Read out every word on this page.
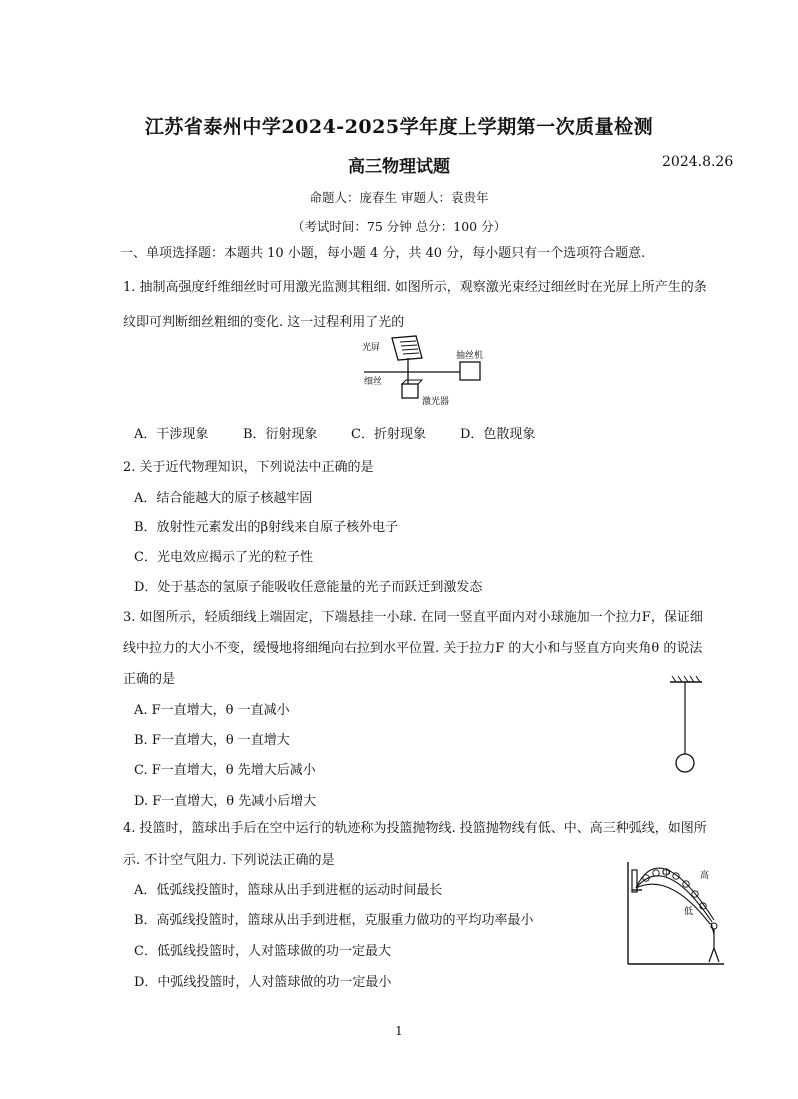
江苏省泰州中学2024-2025学年度上学期第一次质量检测
高三物理试题	2024.8.26
命题人：庞春生 审题人：袁贵年
（考试时间：75 分钟 总分：100 分）
一、单项选择题：本题共 10 小题，每小题 4 分，共 40 分，每小题只有一个选项符合题意.
1. 抽制高强度纤维细丝时可用激光监测其粗细. 如图所示，观察激光束经过细丝时在光屏上所产生的条
纹即可判断细丝粗细的变化. 这一过程利用了光的
光屏
抽丝机
细丝
激光器
A．干涉现象	B．衍射现象	C．折射现象	D．色散现象
2. 关于近代物理知识，下列说法中正确的是
A．结合能越大的原子核越牢固
B．放射性元素发出的β射线来自原子核外电子
C．光电效应揭示了光的粒子性
D．处于基态的氢原子能吸收任意能量的光子而跃迁到激发态
3. 如图所示，轻质细线上端固定，下端悬挂一小球. 在同一竖直平面内对小球施加一个拉力F，保证细
线中拉力的大小不变，缓慢地将细绳向右拉到水平位置. 关于拉力F 的大小和与竖直方向夹角θ 的说法
正确的是
A. F一直增大，θ 一直减小
B. F一直增大，θ 一直增大
C. F一直增大，θ 先增大后减小
D. F一直增大，θ 先减小后增大
4. 投篮时，篮球出手后在空中运行的轨迹称为投篮抛物线. 投篮抛物线有低、中、高三种弧线，如图所
示. 不计空气阻力. 下列说法正确的是
高
中
低
A．低弧线投篮时，篮球从出手到进框的运动时间最长
B．高弧线投篮时，篮球从出手到进框，克服重力做功的平均功率最小
C．低弧线投篮时，人对篮球做的功一定最大
D．中弧线投篮时，人对篮球做的功一定最小
1
